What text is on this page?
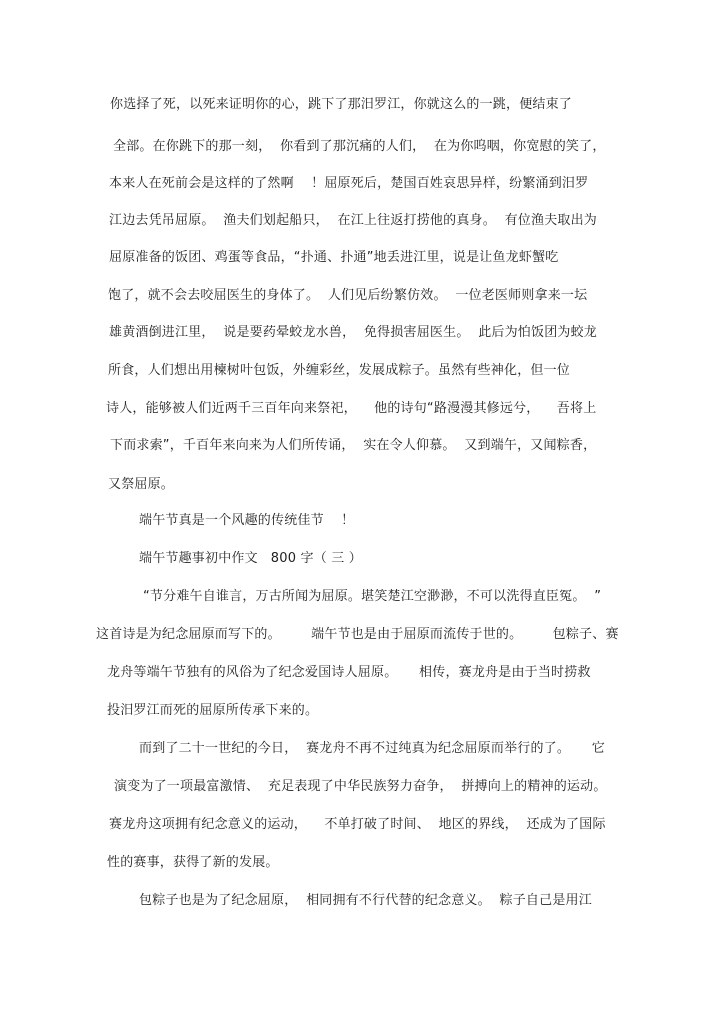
你选择了死，以死来证明你的心，跳下了那汨罗江，你就这么的一跳，便结束了
全部。在你跳下的那一刻，  你看到了那沉痛的人们，  在为你呜咽，你宽慰的笑了，
本来人在死前会是这样的了然啊    ！屈原死后，楚国百姓哀思异样，纷繁涌到汨罗
江边去凭吊屈原。  渔夫们划起船只，  在江上往返打捞他的真身。  有位渔夫取出为
屈原准备的饭团、鸡蛋等食品，“扑通、扑通”地丢进江里，说是让鱼龙虾蟹吃
饱了，就不会去咬屈医生的身体了。  人们见后纷繁仿效。  一位老医师则拿来一坛
雄黄酒倒进江里，  说是要药晕蛟龙水兽，  免得损害屈医生。  此后为怕饭团为蛟龙
所食，人们想出用楝树叶包饭，外缠彩丝，发展成粽子。虽然有些神化，但一位
诗人，能够被人们近两千三百年向来祭祀，    他的诗句“路漫漫其修远兮，    吾将上
下而求索”，千百年来向来为人们所传诵，  实在令人仰慕。  又到端午，又闻粽香，
又祭屈原。
端午节真是一个风趣的传统佳节    ！
端午节趣事初中作文   800 字（ 三 ）
“节分难午自谁言，万古所闻为屈原。堪笑楚江空渺渺，不可以洗得直臣冤。  ”
这首诗是为纪念屈原而写下的。       端午节也是由于屈原而流传于世的。       包粽子、赛
龙舟等端午节独有的风俗为了纪念爱国诗人屈原。     相传，赛龙舟是由于当时捞救
投汨罗江而死的屈原所传承下来的。
而到了二十一世纪的今日，  赛龙舟不再不过纯真为纪念屈原而举行的了。     它
演变为了一项最富激情、  充足表现了中华民族努力奋争，  拼搏向上的精神的运动。
赛龙舟这项拥有纪念意义的运动，    不单打破了时间、  地区的界线，  还成为了国际
性的赛事，获得了新的发展。
包粽子也是为了纪念屈原，  相同拥有不行代替的纪念意义。  粽子自己是用江
